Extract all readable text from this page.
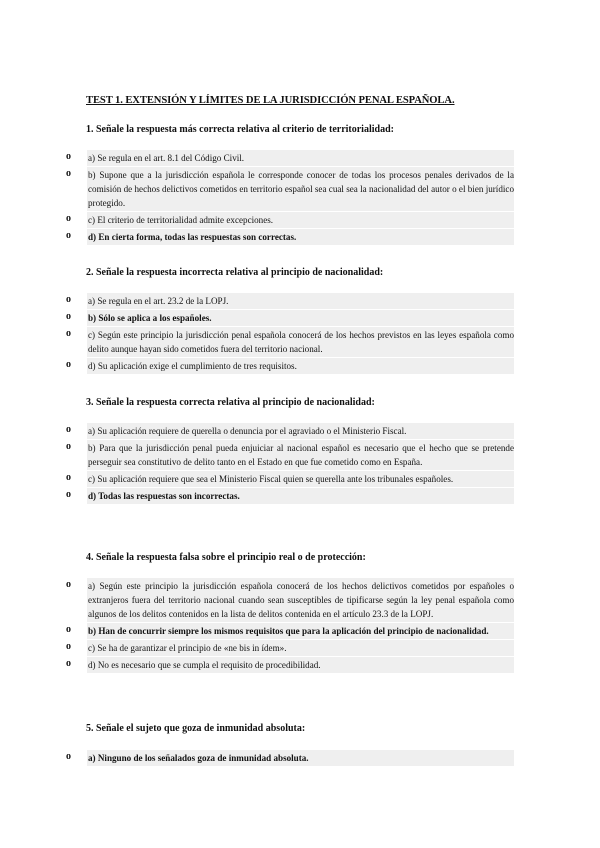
TEST 1. EXTENSIÓN Y LÍMITES DE LA JURISDICCIÓN PENAL ESPAÑOLA.
1. Señale la respuesta más correcta relativa al criterio de territorialidad:
o a) Se regula en el art. 8.1 del Código Civil.
o b) Supone que a la jurisdicción española le corresponde conocer de todas los procesos penales derivados de la comisión de hechos delictivos cometidos en territorio español sea cual sea la nacionalidad del autor o el bien jurídico protegido.
o c) El criterio de territorialidad admite excepciones.
o d) En cierta forma, todas las respuestas son correctas.
2. Señale la respuesta incorrecta relativa al principio de nacionalidad:
o a) Se regula en el art. 23.2 de la LOPJ.
o b) Sólo se aplica a los españoles.
o c) Según este principio la jurisdicción penal española conocerá de los hechos previstos en las leyes española como delito aunque hayan sido cometidos fuera del territorio nacional.
o d) Su aplicación exige el cumplimiento de tres requisitos.
3. Señale la respuesta correcta relativa al principio de nacionalidad:
o a) Su aplicación requiere de querella o denuncia por el agraviado o el Ministerio Fiscal.
o b) Para que la jurisdicción penal pueda enjuiciar al nacional español es necesario que el hecho que se pretende perseguir sea constitutivo de delito tanto en el Estado en que fue cometido como en España.
o c) Su aplicación requiere que sea el Ministerio Fiscal quien se querella ante los tribunales españoles.
o d) Todas las respuestas son incorrectas.
4. Señale la respuesta falsa sobre el principio real o de protección:
o a) Según este principio la jurisdicción española conocerá de los hechos delictivos cometidos por españoles o extranjeros fuera del territorio nacional cuando sean susceptibles de tipificarse según la ley penal española como algunos de los delitos contenidos en la lista de delitos contenida en el artículo 23.3 de la LOPJ.
o b) Han de concurrir siempre los mismos requisitos que para la aplicación del principio de nacionalidad.
o c) Se ha de garantizar el principio de «ne bis in ídem».
o d) No es necesario que se cumpla el requisito de procedibilidad.
5. Señale el sujeto que goza de inmunidad absoluta:
o a) Ninguno de los señalados goza de inmunidad absoluta.
